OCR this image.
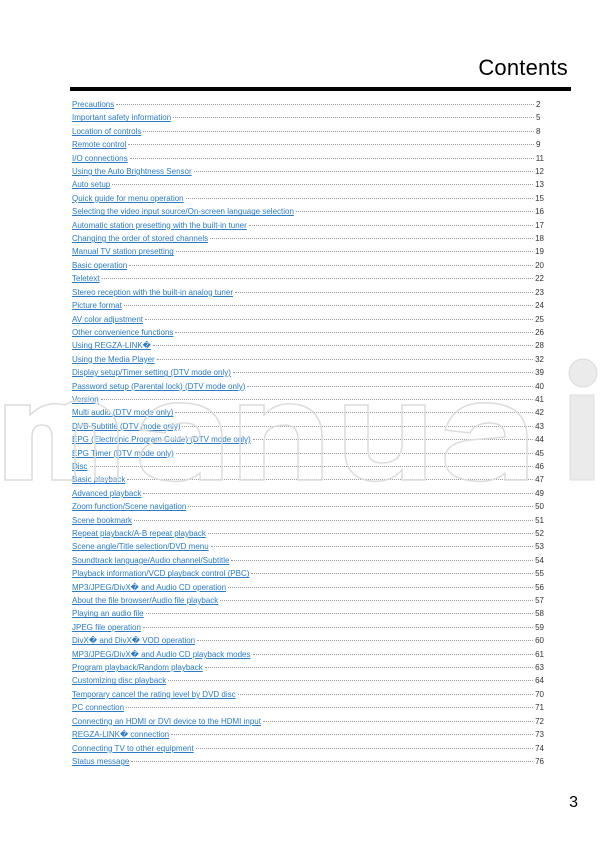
Contents
Precautions	2
Important safety information	5
Location of controls	8
Remote control	9
I/O connections	11
Using the Auto Brightness Sensor	12
Auto setup	13
Quick guide for menu operation	15
Selecting the video input source/On-screen language selection	16
Automatic station presetting with the built-in tuner	17
Changing the order of stored channels	18
Manual TV station presetting	19
Basic operation	20
Teletext	22
Stereo reception with the built-in analog tuner	23
Picture format	24
AV color adjustment	25
Other convenience functions	26
Using REGZA-LINK�	28
Using the Media Player	32
Display setup/Timer setting (DTV mode only)	39
Password setup (Parental lock) (DTV mode only)	40
Version	41
Multi audio (DTV mode only)	42
DVB-Subtitle (DTV mode only)	43
EPG (Electronic Program Guide) (DTV mode only)	44
EPG Timer (DTV mode only)	45
Disc	46
Basic playback	47
Advanced playback	49
Zoom function/Scene navigation	50
Scene bookmark	51
Repeat playback/A-B repeat playback	52
Scene angle/Title selection/DVD menu	53
Soundtrack language/Audio channel/Subtitle	54
Playback information/VCD playback control (PBC)	55
MP3/JPEG/DivX� and Audio CD operation	56
About the file browser/Audio file playback	57
Playing an audio file	58
JPEG file operation	59
DivX� and DivX� VOD operation	60
MP3/JPEG/DivX� and Audio CD playback modes	61
Program playback/Random playback	63
Customizing disc playback	64
Temporary cancel the rating level by DVD disc	70
PC connection	71
Connecting an HDMI or DVI device to the HDMI input	72
REGZA-LINK� connection	73
Connecting TV to other equipment	74
Status message	76
3
